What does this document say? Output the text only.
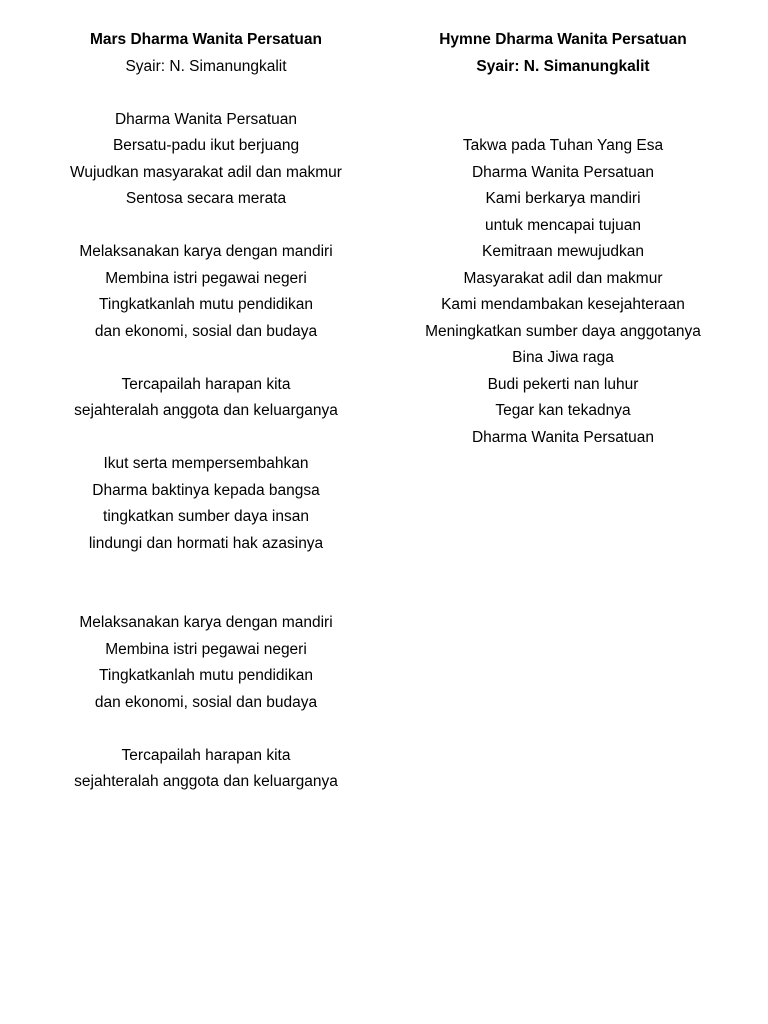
Mars Dharma Wanita Persatuan
Syair: N. Simanungkalit
Dharma Wanita Persatuan
Bersatu-padu ikut berjuang
Wujudkan masyarakat adil dan makmur
Sentosa secara merata
Melaksanakan karya dengan mandiri
Membina istri pegawai negeri
Tingkatkanlah mutu pendidikan
dan ekonomi, sosial dan budaya
Tercapailah harapan kita
sejahteralah anggota dan keluarganya
Ikut serta mempersembahkan
Dharma baktinya kepada bangsa
tingkatkan sumber daya insan
lindungi dan hormati hak azasinya
Melaksanakan karya dengan mandiri
Membina istri pegawai negeri
Tingkatkanlah mutu pendidikan
dan ekonomi, sosial dan budaya
Tercapailah harapan kita
sejahteralah anggota dan keluarganya
Hymne Dharma Wanita Persatuan
Syair: N. Simanungkalit
Takwa pada Tuhan Yang Esa
Dharma Wanita Persatuan
Kami berkarya mandiri
untuk mencapai tujuan
Kemitraan mewujudkan
Masyarakat adil dan makmur
Kami mendambakan kesejahteraan
Meningkatkan sumber daya anggotanya
Bina Jiwa raga
Budi pekerti nan luhur
Tegar kan tekadnya
Dharma Wanita Persatuan
